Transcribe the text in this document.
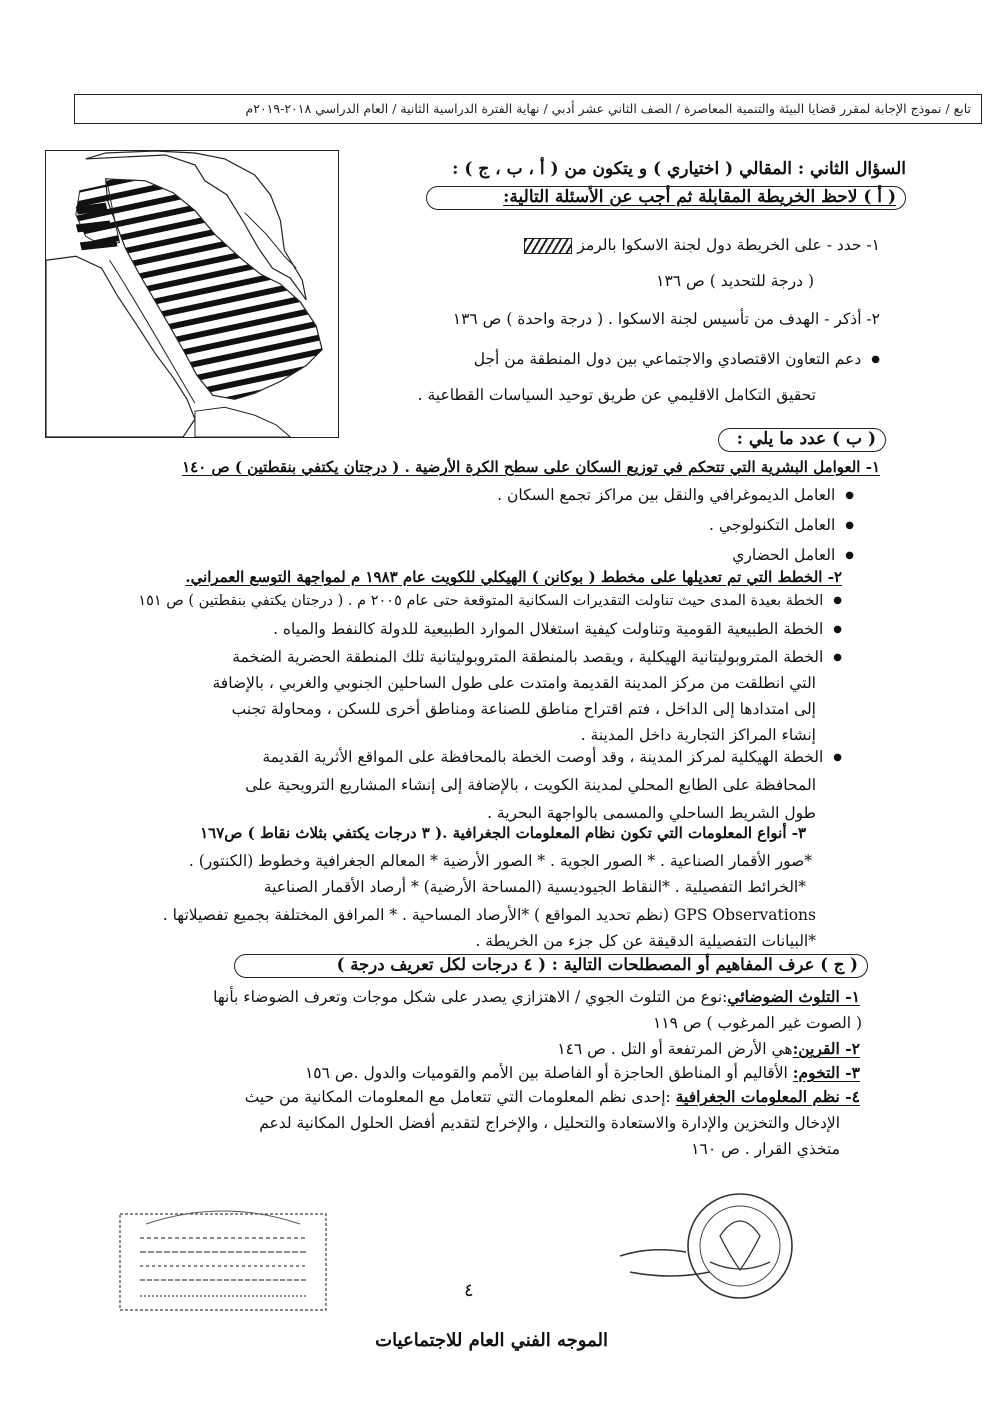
تابع / نموذج الإجابة لمقرر قضايا البيئة والتنمية المعاصرة / الصف الثاني عشر أدبي / نهاية الفترة الدراسية الثانية / العام الدراسي ٢٠١٨-٢٠١٩م
السؤال الثاني : المقالي ( اختياري ) و يتكون من ( أ ، ب ، ج ) :
( أ ) لاحظ الخريطة المقابلة ثم أجب عن الأسئلة التالية:
١- حدد - على الخريطة دول لجنة الاسكوا بالرمز
( درجة للتحديد ) ص ١٣٦
٢- أذكر - الهدف من تأسيس لجنة الاسكوا . ( درجة واحدة ) ص ١٣٦
● دعم التعاون الاقتصادي والاجتماعي بين دول المنطقة من أجل
تحقيق التكامل الاقليمي عن طريق توحيد السياسات القطاعية .
( ب ) عدد ما يلي :
١- العوامل البشرية التي تتحكم في توزيع السكان على سطح الكرة الأرضية . ( درجتان يكتفي بنقطتين ) ص ١٤٠
● العامل الديموغرافي والنقل بين مراكز تجمع السكان .
● العامل التكنولوجي .
● العامل الحضاري
٢- الخطط التي تم تعديلها على مخطط ( بوكانن ) الهيكلي للكويت عام ١٩٨٣ م لمواجهة التوسع العمراني.
● الخطة بعيدة المدى حيث تناولت التقديرات السكانية المتوقعة حتى عام ٢٠٠٥ م . ( درجتان يكتفي بنقطتين ) ص ١٥١
● الخطة الطبيعية القومية وتناولت كيفية استغلال الموارد الطبيعية للدولة كالنفط والمياه .
● الخطة المتروبوليتانية الهيكلية ، ويقصد بالمنطقة المتروبوليتانية تلك المنطقة الحضرية الضخمة
التي انطلقت من مركز المدينة القديمة وامتدت على طول الساحلين الجنوبي والغربي ، بالإضافة
إلى امتدادها إلى الداخل ، فتم اقتراح مناطق للصناعة ومناطق أخرى للسكن ، ومحاولة تجنب
إنشاء المراكز التجارية داخل المدينة .
● الخطة الهيكلية لمركز المدينة ، وقد أوصت الخطة بالمحافظة على المواقع الأثرية القديمة
المحافظة على الطابع المحلي لمدينة الكويت ، بالإضافة إلى إنشاء المشاريع الترويحية على
طول الشريط الساحلي والمسمى بالواجهة البحرية .
٣- أنواع المعلومات التي تكون نظام المعلومات الجغرافية .( ٣ درجات يكتفي بثلاث نقاط ) ص١٦٧
*صور الأقمار الصناعية . * الصور الجوية . * الصور الأرضية * المعالم الجغرافية وخطوط (الكنتور) .
*الخرائط التفصيلية . *النقاط الجيوديسية (المساحة الأرضية) * أرصاد الأقمار الصناعية
GPS Observations (نظم تحديد المواقع ) *الأرصاد المساحية . * المرافق المختلفة بجميع تفصيلاتها .
*البيانات التفصيلية الدقيقة عن كل جزء من الخريطة .
( ج ) عرف المفاهيم أو المصطلحات التالية : ( ٤ درجات لكل تعريف درجة )
١- التلوث الضوضائي:نوع من التلوث الجوي / الاهتزازي يصدر على شكل موجات وتعرف الضوضاء بأنها
( الصوت غير المرغوب ) ص ١١٩
٢- القرين:هي الأرض المرتفعة أو التل . ص ١٤٦
٣- التخوم: الأقاليم أو المناطق الحاجزة أو الفاصلة بين الأمم والقوميات والدول .ص ١٥٦
٤- نظم المعلومات الجغرافية :إحدى نظم المعلومات التي تتعامل مع المعلومات المكانية من حيث
الإدخال والتخزين والإدارة والاستعادة والتحليل ، والإخراج لتقديم أفضل الحلول المكانية لدعم
متخذي القرار . ص ١٦٠
٤
الموجه الفني العام للاجتماعيات
